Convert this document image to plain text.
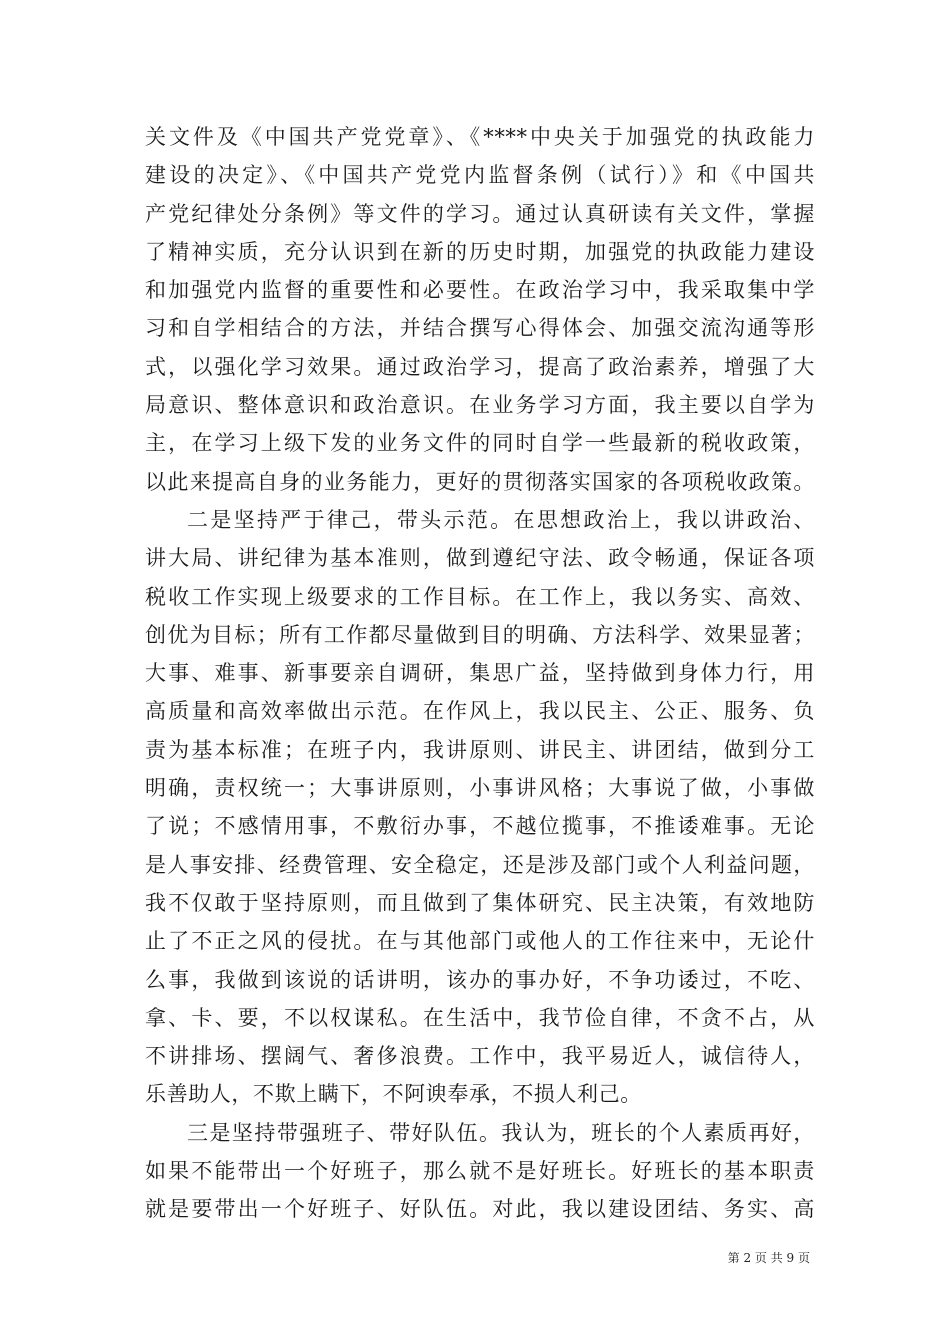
关文件及《中国共产党党章》、《****中央关于加强党的执政能力
建设的决定》、《中国共产党党内监督条例（试行）》和《中国共
产党纪律处分条例》等文件的学习。通过认真研读有关文件，掌握
了精神实质，充分认识到在新的历史时期，加强党的执政能力建设
和加强党内监督的重要性和必要性。在政治学习中，我采取集中学
习和自学相结合的方法，并结合撰写心得体会、加强交流沟通等形
式，以强化学习效果。通过政治学习，提高了政治素养，增强了大
局意识、整体意识和政治意识。在业务学习方面，我主要以自学为
主，在学习上级下发的业务文件的同时自学一些最新的税收政策，
以此来提高自身的业务能力，更好的贯彻落实国家的各项税收政策。
二是坚持严于律己，带头示范。在思想政治上，我以讲政治、
讲大局、讲纪律为基本准则，做到遵纪守法、政令畅通，保证各项
税收工作实现上级要求的工作目标。在工作上，我以务实、高效、
创优为目标；所有工作都尽量做到目的明确、方法科学、效果显著；
大事、难事、新事要亲自调研，集思广益，坚持做到身体力行，用
高质量和高效率做出示范。在作风上，我以民主、公正、服务、负
责为基本标准；在班子内，我讲原则、讲民主、讲团结，做到分工
明确，责权统一；大事讲原则，小事讲风格；大事说了做，小事做
了说；不感情用事，不敷衍办事，不越位揽事，不推诿难事。无论
是人事安排、经费管理、安全稳定，还是涉及部门或个人利益问题，
我不仅敢于坚持原则，而且做到了集体研究、民主决策，有效地防
止了不正之风的侵扰。在与其他部门或他人的工作往来中，无论什
么事，我做到该说的话讲明，该办的事办好，不争功诿过，不吃、
拿、卡、要，不以权谋私。在生活中，我节俭自律，不贪不占，从
不讲排场、摆阔气、奢侈浪费。工作中，我平易近人，诚信待人，
乐善助人，不欺上瞒下，不阿谀奉承，不损人利己。
三是坚持带强班子、带好队伍。我认为，班长的个人素质再好，
如果不能带出一个好班子，那么就不是好班长。好班长的基本职责
就是要带出一个好班子、好队伍。对此，我以建设团结、务实、高
第 2 页 共 9 页
